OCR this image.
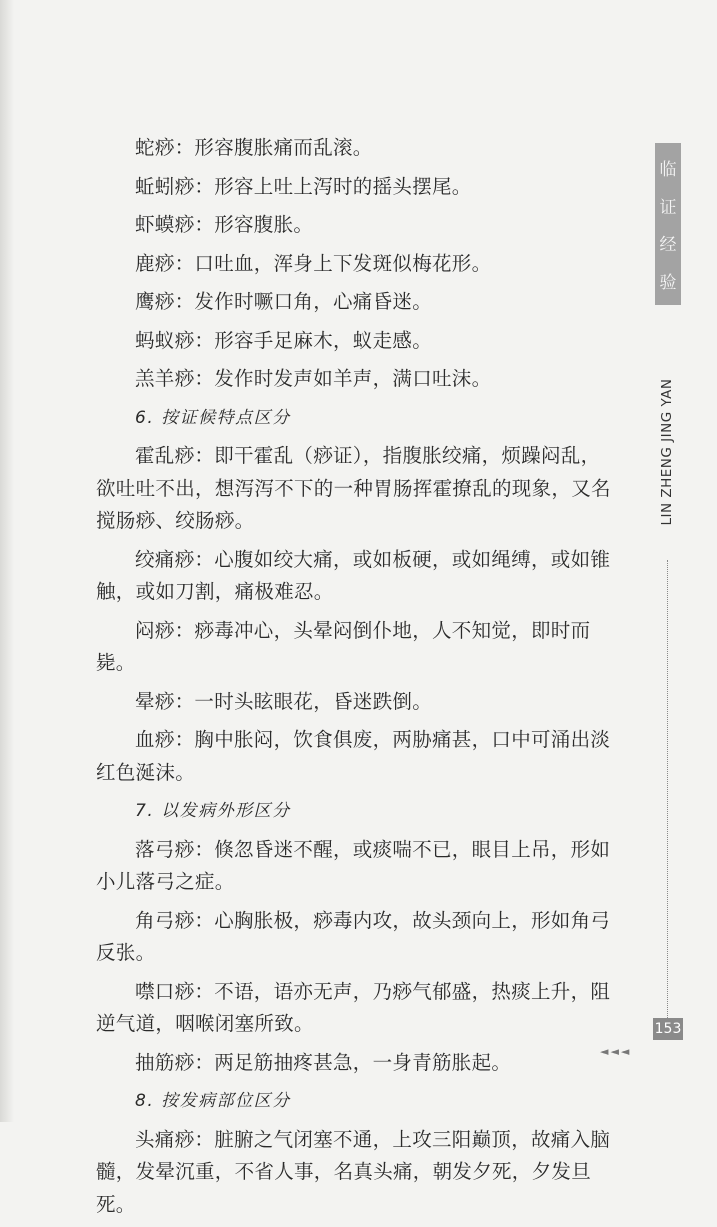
蛇痧：形容腹胀痛而乱滚。

蚯蚓痧：形容上吐上泻时的摇头摆尾。

虾蟆痧：形容腹胀。

鹿痧：口吐血，浑身上下发斑似梅花形。

鹰痧：发作时噘口角，心痛昏迷。

蚂蚁痧：形容手足麻木，蚁走感。

羔羊痧：发作时发声如羊声，满口吐沫。

6. 按证候特点区分

霍乱痧：即干霍乱（痧证），指腹胀绞痛，烦躁闷乱，欲吐吐不出，想泻泻不下的一种胃肠挥霍撩乱的现象，又名搅肠痧、绞肠痧。

绞痛痧：心腹如绞大痛，或如板硬，或如绳缚，或如锥触，或如刀割，痛极难忍。

闷痧：痧毒冲心，头晕闷倒仆地，人不知觉，即时而毙。

晕痧：一时头眩眼花，昏迷跌倒。

血痧：胸中胀闷，饮食俱废，两胁痛甚，口中可涌出淡红色涎沫。

7. 以发病外形区分

落弓痧：倏忽昏迷不醒，或痰喘不已，眼目上吊，形如小儿落弓之症。

角弓痧：心胸胀极，痧毒内攻，故头颈向上，形如角弓反张。

噤口痧：不语，语亦无声，乃痧气郁盛，热痰上升，阻逆气道，咽喉闭塞所致。

抽筋痧：两足筋抽疼甚急，一身青筋胀起。

8. 按发病部位区分

头痛痧：脏腑之气闭塞不通，上攻三阳巅顶，故痛入脑髓，发晕沉重，不省人事，名真头痛，朝发夕死，夕发旦死。

临
证
经
验
LIN ZHENG JING YAN
153
◄◄◄
